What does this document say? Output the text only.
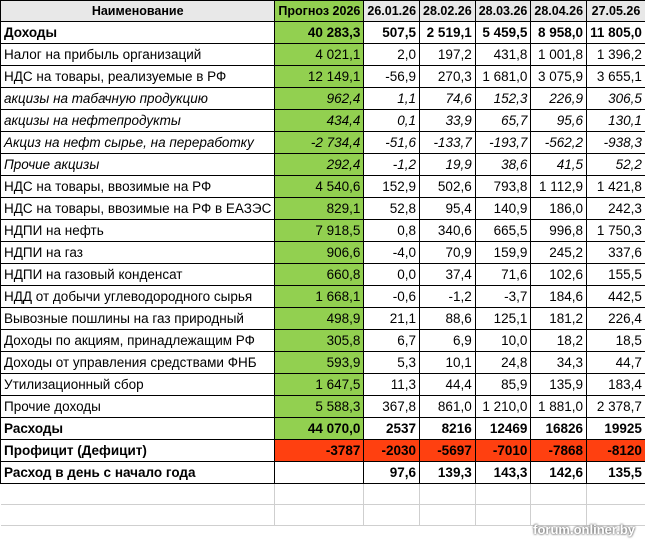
Наименование	Прогноз 2026	26.01.26	28.02.26	28.03.26	28.04.26	27.05.26
Доходы	40 283,3	507,5	2 519,1	5 459,5	8 958,0	11 805,0
Налог на прибыль организаций	4 021,1	2,0	197,2	431,8	1 001,8	1 396,2
НДС на товары, реализуемые в РФ	12 149,1	-56,9	270,3	1 681,0	3 075,9	3 655,1
акцизы на табачную продукцию	962,4	1,1	74,6	152,3	226,9	306,5
акцизы на нефтепродукты	434,4	0,1	33,9	65,7	95,6	130,1
Акциз на нефт сырье, на переработку	-2 734,4	-51,6	-133,7	-193,7	-562,2	-938,3
Прочие акцизы	292,4	-1,2	19,9	38,6	41,5	52,2
НДС на товары, ввозимые на РФ	4 540,6	152,9	502,6	793,8	1 112,9	1 421,8
НДС на товары, ввозимые на РФ в ЕАЗЭС	829,1	52,8	95,4	140,9	186,0	242,3
НДПИ на нефть	7 918,5	0,8	340,6	665,5	996,8	1 750,3
НДПИ на газ	906,6	-4,0	70,9	159,9	245,2	337,6
НДПИ на газовый конденсат	660,8	0,0	37,4	71,6	102,6	155,5
НДД от добычи углеводородного сырья	1 668,1	-0,6	-1,2	-3,7	184,6	442,5
Вывозные пошлины на газ природный	498,9	21,1	88,6	125,1	181,2	226,4
Доходы по акциям, принадлежащим РФ	305,8	6,7	6,9	10,0	18,2	18,5
Доходы от управления средствами ФНБ	593,9	5,3	10,1	24,8	34,3	44,7
Утилизационный сбор	1 647,5	11,3	44,4	85,9	135,9	183,4
Прочие доходы	5 588,3	367,8	861,0	1 210,0	1 881,0	2 378,7
Расходы	44 070,0	2537	8216	12469	16826	19925
Профицит (Дефицит)	-3787	-2030	-5697	-7010	-7868	-8120
Расход в день с начало года		97,6	139,3	143,3	142,6	135,5

forum.onliner.by
